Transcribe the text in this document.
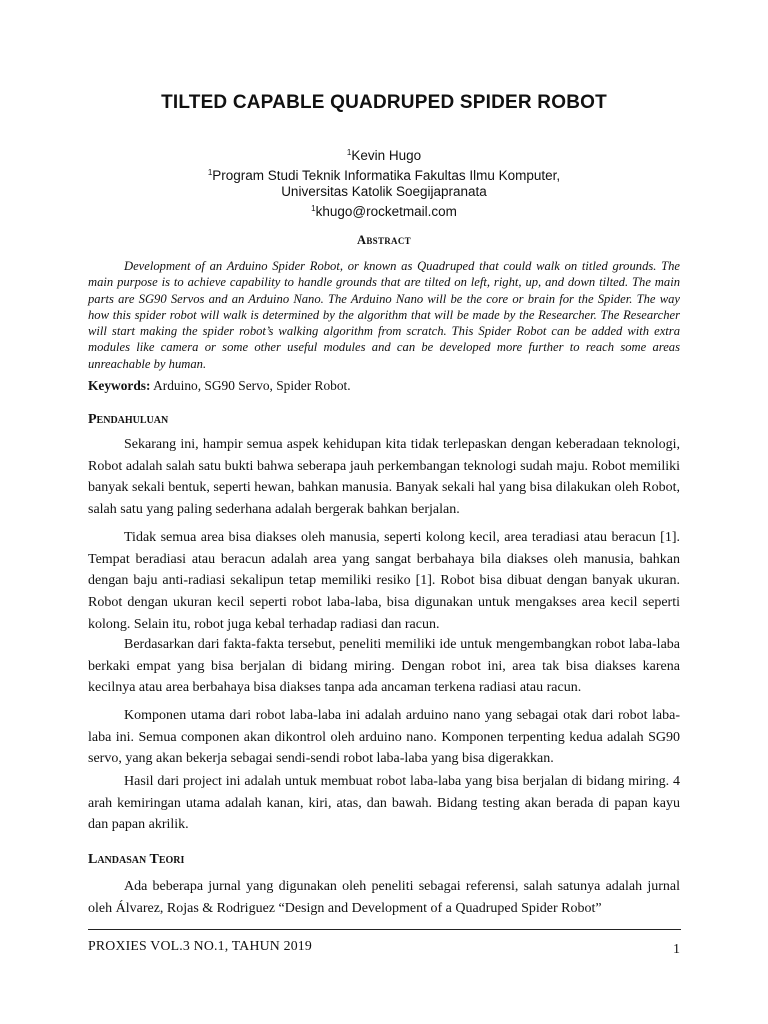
TILTED CAPABLE QUADRUPED SPIDER ROBOT
$^1$Kevin Hugo
$^1$Program Studi Teknik Informatika Fakultas Ilmu Komputer,
Universitas Katolik Soegijapranata
$^1$khugo@rocketmail.com
Abstract
Development of an Arduino Spider Robot, or known as Quadruped that could walk on titled grounds. The main purpose is to achieve capability to handle grounds that are tilted on left, right, up, and down tilted. The main parts are SG90 Servos and an Arduino Nano. The Arduino Nano will be the core or brain for the Spider. The way how this spider robot will walk is determined by the algorithm that will be made by the Researcher. The Researcher will start making the spider robot’s walking algorithm from scratch. This Spider Robot can be added with extra modules like camera or some other useful modules and can be developed more further to reach some areas unreachable by human.
Keywords: Arduino, SG90 Servo, Spider Robot.
Pendahuluan
Sekarang ini, hampir semua aspek kehidupan kita tidak terlepaskan dengan keberadaan teknologi, Robot adalah salah satu bukti bahwa seberapa jauh perkembangan teknologi sudah maju. Robot memiliki banyak sekali bentuk, seperti hewan, bahkan manusia. Banyak sekali hal yang bisa dilakukan oleh Robot, salah satu yang paling sederhana adalah bergerak bahkan berjalan.
Tidak semua area bisa diakses oleh manusia, seperti kolong kecil, area teradiasi atau beracun [1]. Tempat beradiasi atau beracun adalah area yang sangat berbahaya bila diakses oleh manusia, bahkan dengan baju anti-radiasi sekalipun tetap memiliki resiko [1]. Robot bisa dibuat dengan banyak ukuran. Robot dengan ukuran kecil seperti robot laba-laba, bisa digunakan untuk mengakses area kecil seperti kolong. Selain itu, robot juga kebal terhadap radiasi dan racun.
Berdasarkan dari fakta-fakta tersebut, peneliti memiliki ide untuk mengembangkan robot laba-laba berkaki empat yang bisa berjalan di bidang miring. Dengan robot ini, area tak bisa diakses karena kecilnya atau area berbahaya bisa diakses tanpa ada ancaman terkena radiasi atau racun.
Komponen utama dari robot laba-laba ini adalah arduino nano yang sebagai otak dari robot laba-laba ini. Semua componen akan dikontrol oleh arduino nano. Komponen terpenting kedua adalah SG90 servo, yang akan bekerja sebagai sendi-sendi robot laba-laba yang bisa digerakkan.
Hasil dari project ini adalah untuk membuat robot laba-laba yang bisa berjalan di bidang miring. 4 arah kemiringan utama adalah kanan, kiri, atas, dan bawah. Bidang testing akan berada di papan kayu dan papan akrilik.
Landasan Teori
Ada beberapa jurnal yang digunakan oleh peneliti sebagai referensi, salah satunya adalah jurnal oleh Álvarez, Rojas & Rodriguez “Design and Development of a Quadruped Spider Robot”
PROXIES VOL.3 NO.1, TAHUN 2019	1
